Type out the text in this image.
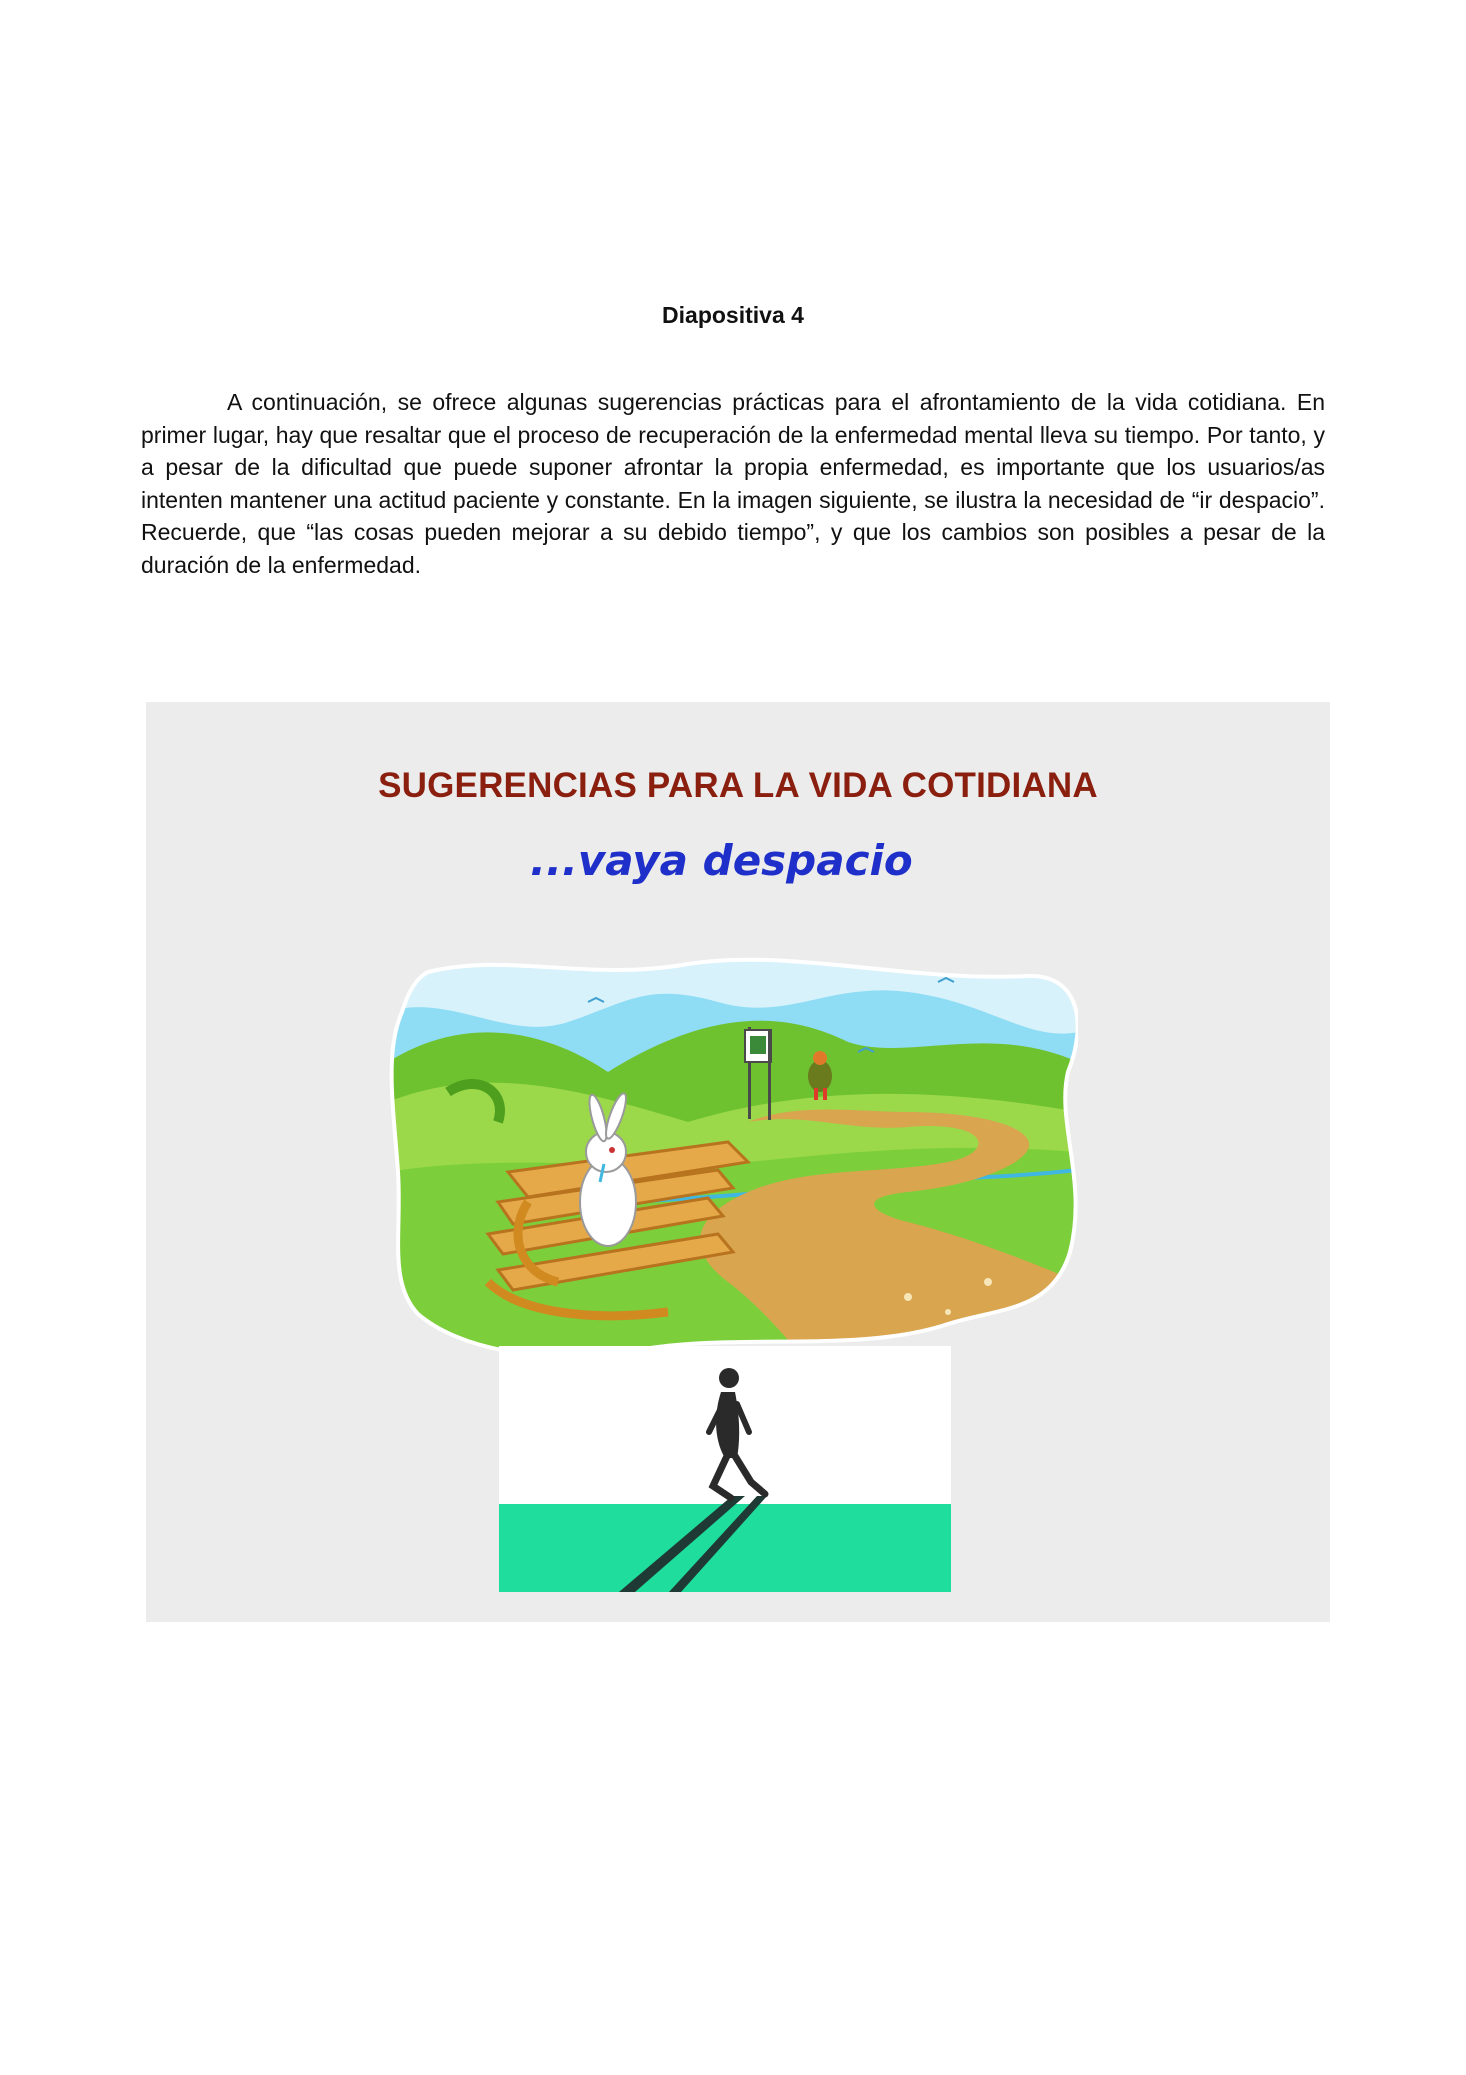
Diapositiva 4

A continuación, se ofrece algunas sugerencias prácticas para el afrontamiento de la vida cotidiana. En primer lugar, hay que resaltar que el proceso de recuperación de la enfermedad mental lleva su tiempo. Por tanto, y a pesar de la dificultad que puede suponer afrontar la propia enfermedad, es importante que los usuarios/as intenten mantener una actitud paciente y constante. En la imagen siguiente, se ilustra la necesidad de “ir despacio”. Recuerde, que “las cosas pueden mejorar a su debido tiempo”, y que los cambios son posibles a pesar de la duración de la enfermedad.

SUGERENCIAS PARA LA VIDA COTIDIANA
...vaya despacio
